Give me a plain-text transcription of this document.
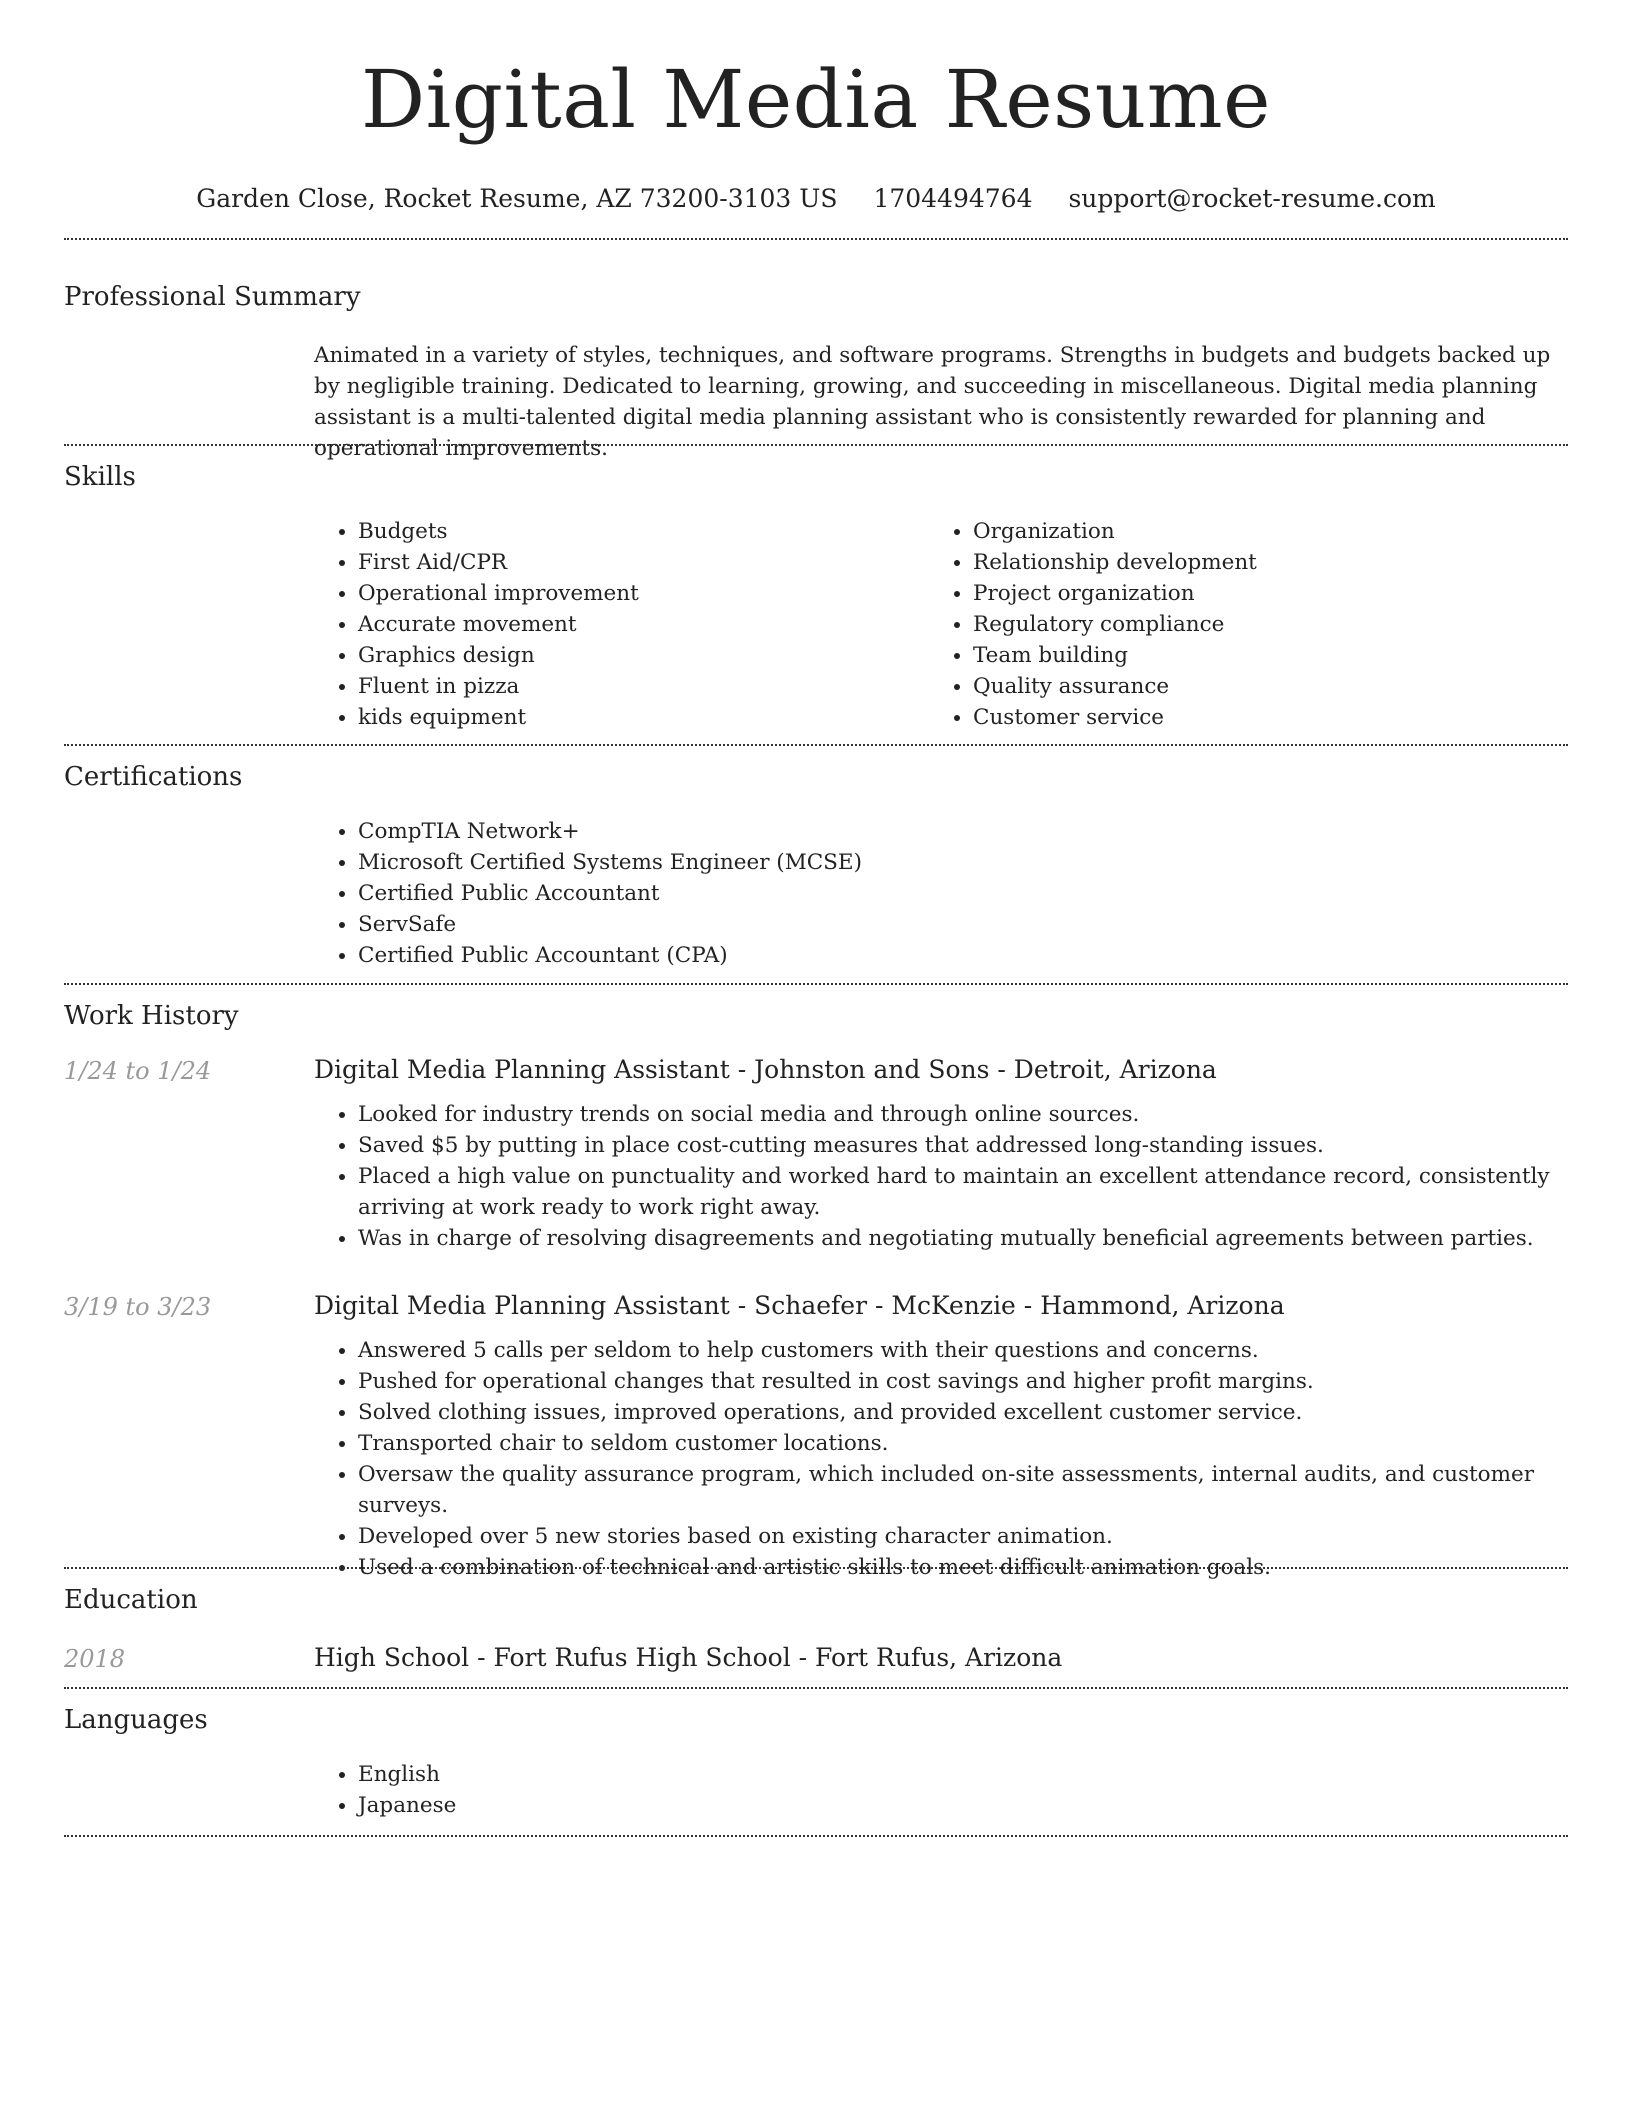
Digital Media Resume
Garden Close, Rocket Resume, AZ 73200-3103 US 1704494764 support@rocket-resume.com
Professional Summary

Animated in a variety of styles, techniques, and software programs. Strengths in budgets and budgets backed up by negligible training. Dedicated to learning, growing, and succeeding in miscellaneous. Digital media planning assistant is a multi-talented digital media planning assistant who is consistently rewarded for planning and operational improvements.

Skills
• Budgets
• First Aid/CPR
• Operational improvement
• Accurate movement
• Graphics design
• Fluent in pizza
• kids equipment
• Organization
• Relationship development
• Project organization
• Regulatory compliance
• Team building
• Quality assurance
• Customer service
Certifications
• CompTIA Network+
• Microsoft Certified Systems Engineer (MCSE)
• Certified Public Accountant
• ServSafe
• Certified Public Accountant (CPA)
Work History
1/24 to 1/24	Digital Media Planning Assistant - Johnston and Sons - Detroit, Arizona

• Looked for industry trends on social media and through online sources.
• Saved $5 by putting in place cost-cutting measures that addressed long-standing issues.
• Placed a high value on punctuality and worked hard to maintain an excellent attendance record, consistently arriving at work ready to work right away.
• Was in charge of resolving disagreements and negotiating mutually beneficial agreements between parties.
3/19 to 3/23	Digital Media Planning Assistant - Schaefer - McKenzie - Hammond, Arizona

• Answered 5 calls per seldom to help customers with their questions and concerns.
• Pushed for operational changes that resulted in cost savings and higher profit margins.
• Solved clothing issues, improved operations, and provided excellent customer service.
• Transported chair to seldom customer locations.
• Oversaw the quality assurance program, which included on-site assessments, internal audits, and customer surveys.
• Developed over 5 new stories based on existing character animation.
• Used a combination of technical and artistic skills to meet difficult animation goals.
Education
2018	High School - Fort Rufus High School - Fort Rufus, Arizona

Languages
• English
• Japanese
